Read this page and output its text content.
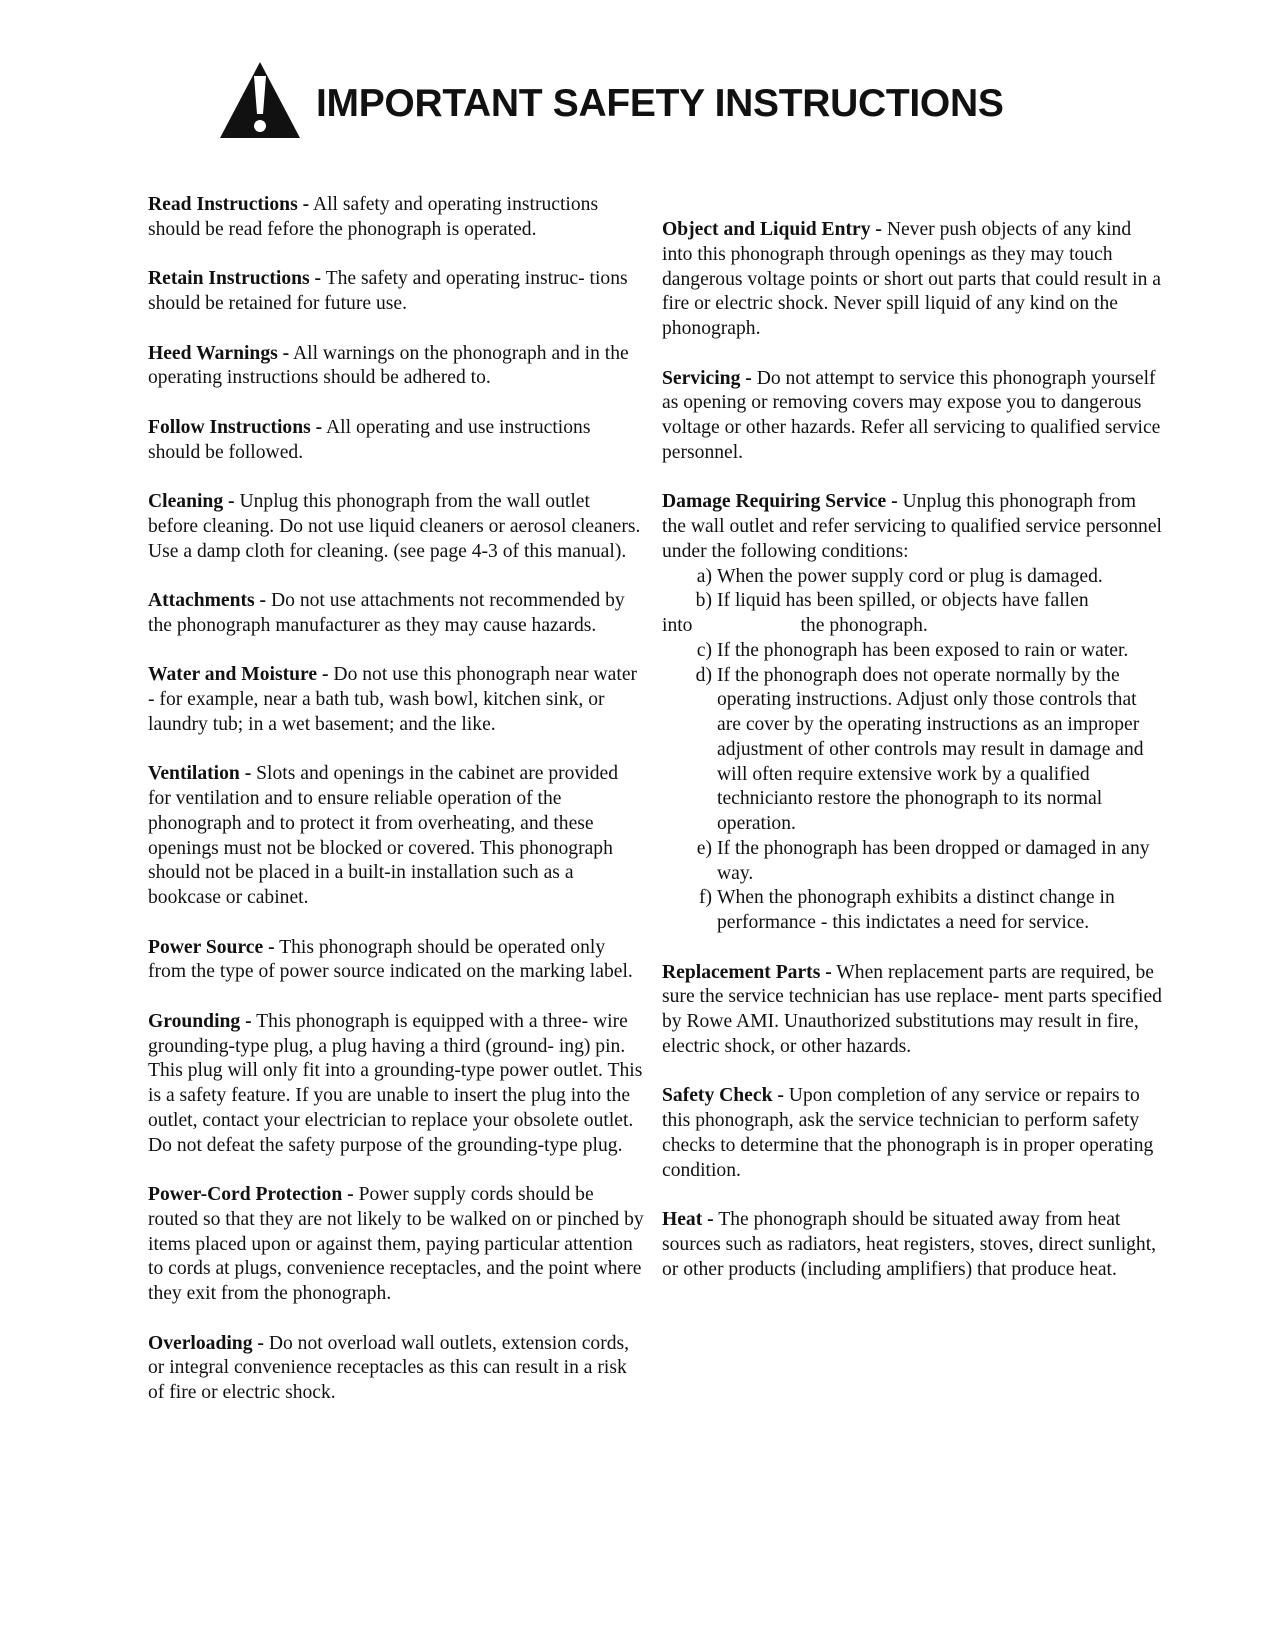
IMPORTANT SAFETY INSTRUCTIONS

Read Instructions - All safety and operating instructions should be read fefore the phonograph is operated.

Retain Instructions - The safety and operating instruc- tions should be retained for future use.

Heed Warnings - All warnings on the phonograph and in the operating instructions should be adhered to.

Follow Instructions - All operating and use instructions should be followed.

Cleaning - Unplug this phonograph from the wall outlet before cleaning. Do not use liquid cleaners or aerosol cleaners. Use a damp cloth for cleaning. (see page 4-3 of this manual).

Attachments - Do not use attachments not recommended by the phonograph manufacturer as they may cause hazards.

Water and Moisture - Do not use this phonograph near water - for example, near a bath tub, wash bowl, kitchen sink, or laundry tub; in a wet basement; and the like.

Ventilation - Slots and openings in the cabinet are provided for ventilation and to ensure reliable operation of the phonograph and to protect it from overheating, and these openings must not be blocked or covered. This phonograph should not be placed in a built-in installation such as a bookcase or cabinet.

Power Source - This phonograph should be operated only from the type of power source indicated on the marking label.

Grounding - This phonograph is equipped with a three- wire grounding-type plug, a plug having a third (ground- ing) pin. This plug will only fit into a grounding-type power outlet. This is a safety feature. If you are unable to insert the plug into the outlet, contact your electrician to replace your obsolete outlet. Do not defeat the safety purpose of the grounding-type plug.

Power-Cord Protection - Power supply cords should be routed so that they are not likely to be walked on or pinched by items placed upon or against them, paying particular attention to cords at plugs, convenience receptacles, and the point where they exit from the phonograph.

Overloading - Do not overload wall outlets, extension cords, or integral convenience receptacles as this can result in a risk of fire or electric shock.

Object and Liquid Entry - Never push objects of any kind into this phonograph through openings as they may touch dangerous voltage points or short out parts that could result in a fire or electric shock. Never spill liquid of any kind on the phonograph.

Servicing - Do not attempt to service this phonograph yourself as opening or removing covers may expose you to dangerous voltage or other hazards. Refer all servicing to qualified service personnel.

Damage Requiring Service - Unplug this phonograph from the wall outlet and refer servicing to qualified service personnel under the following conditions:
a) When the power supply cord or plug is damaged.
b) If liquid has been spilled, or objects have fallen
into	the phonograph.
c) If the phonograph has been exposed to rain or water.
d) If the phonograph does not operate normally by the operating instructions. Adjust only those controls that are cover by the operating instructions as an improper adjustment of other controls may result in damage and will often require extensive work by a qualified technicianto restore the phonograph to its normal operation.
e) If the phonograph has been dropped or damaged in any way.
f) When the phonograph exhibits a distinct change in performance - this indictates a need for service.

Replacement Parts - When replacement parts are required, be sure the service technician has use replace- ment parts specified by Rowe AMI. Unauthorized substitutions may result in fire, electric shock, or other hazards.

Safety Check - Upon completion of any service or repairs to this phonograph, ask the service technician to perform safety checks to determine that the phonograph is in proper operating condition.

Heat - The phonograph should be situated away from heat sources such as radiators, heat registers, stoves, direct sunlight, or other products (including amplifiers) that produce heat.
